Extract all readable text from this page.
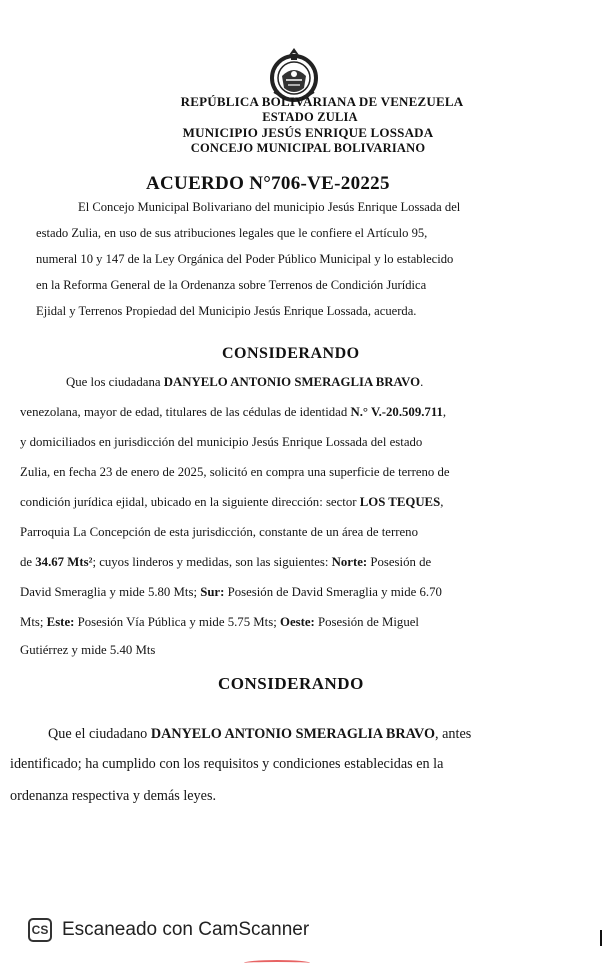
REPÚBLICA BOLIVARIANA DE VENEZUELA
ESTADO ZULIA
MUNICIPIO JESÚS ENRIQUE LOSSADA
CONCEJO MUNICIPAL BOLIVARIANO
ACUERDO N°706-VE-20225
El Concejo Municipal Bolivariano del municipio Jesús Enrique Lossada del
estado Zulia, en uso de sus atribuciones legales que le confiere el Artículo 95,
numeral 10 y 147 de la Ley Orgánica del Poder Público Municipal y lo establecido
en la Reforma General de la Ordenanza sobre Terrenos de Condición Jurídica
Ejidal y Terrenos Propiedad del Municipio Jesús Enrique Lossada, acuerda.
CONSIDERANDO
Que los ciudadana DANYELO ANTONIO SMERAGLIA BRAVO.
venezolana, mayor de edad, titulares de las cédulas de identidad N.° V.-20.509.711,
y domiciliados en jurisdicción del municipio Jesús Enrique Lossada del estado
Zulia, en fecha 23 de enero de 2025, solicitó en compra una superficie de terreno de
condición jurídica ejidal, ubicado en la siguiente dirección: sector LOS TEQUES,
Parroquia La Concepción de esta jurisdicción, constante de un área de terreno
de 34.67 Mts²; cuyos linderos y medidas, son las siguientes: Norte: Posesión de
David Smeraglia y mide 5.80 Mts; Sur: Posesión de David Smeraglia y mide 6.70
Mts; Este: Posesión Vía Pública y mide 5.75 Mts; Oeste: Posesión de Miguel
Gutiérrez y mide 5.40 Mts
CONSIDERANDO
Que el ciudadano DANYELO ANTONIO SMERAGLIA BRAVO, antes
identificado; ha cumplido con los requisitos y condiciones establecidas en la
ordenanza respectiva y demás leyes.
CS Escaneado con CamScanner
